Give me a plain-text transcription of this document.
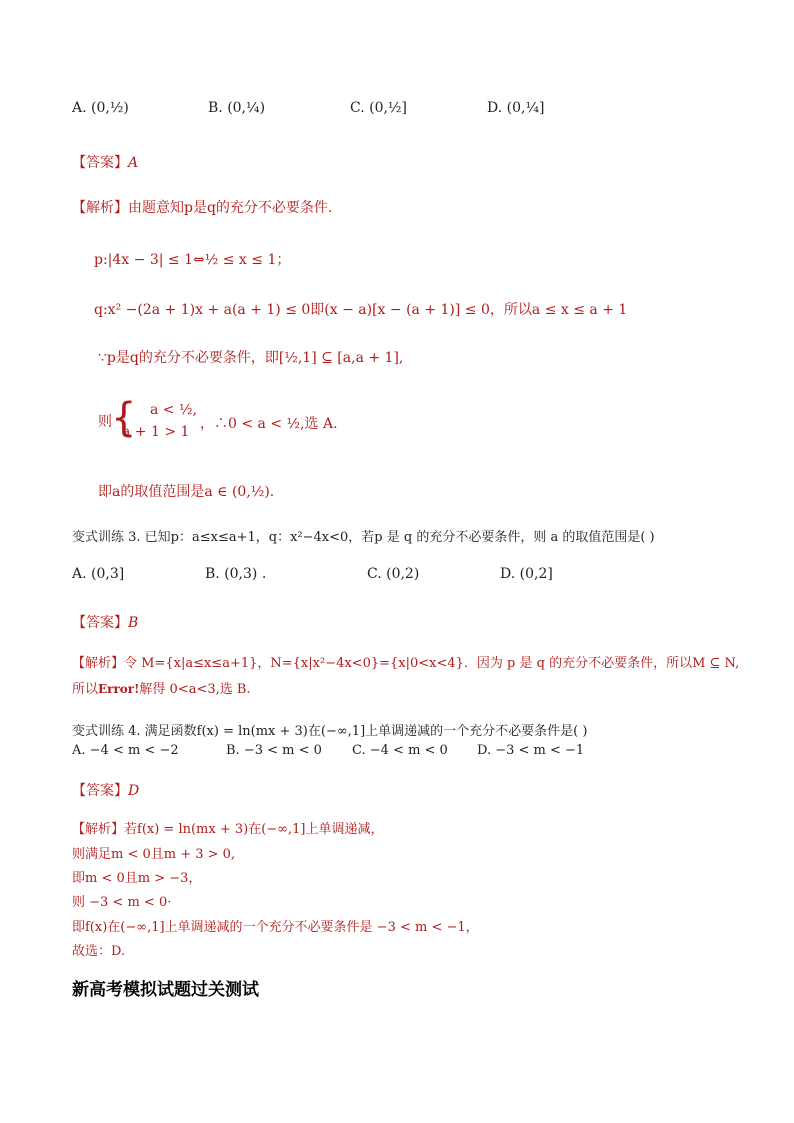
A. (0,½)	B. (0,¼)	C. (0,½]	D. (0,¼]
【答案】A
【解析】由题意知p是q的充分不必要条件.
p:|4x − 3| ≤ 1⇔½ ≤ x ≤ 1；
q:x² −(2a + 1)x + a(a + 1) ≤ 0即(x − a)[x − (a + 1)] ≤ 0，所以a ≤ x ≤ a + 1
∵p是q的充分不必要条件，即[½,1] ⊆ [a,a + 1],
则 { a < ½,
a + 1 > 1 ，∴0 < a < ½,选 A.
即a的取值范围是a ∈ (0,½).
变式训练 3. 已知p：a≤x≤a+1，q：x²−4x<0，若p 是 q 的充分不必要条件，则 a 的取值范围是( )
A. (0,3]	B. (0,3) .	C. (0,2)	D. (0,2]
【答案】B
【解析】令 M={x|a≤x≤a+1}，N={x|x²−4x<0}={x|0<x<4}．因为 p 是 q 的充分不必要条件，所以M ⊆ N,
所以Error!解得 0<a<3,选 B.
变式训练 4. 满足函数f(x) = ln(mx + 3)在(−∞,1]上单调递减的一个充分不必要条件是( )
A. −4 < m < −2	B. −3 < m < 0 C. −4 < m < 0 D. −3 < m < −1
【答案】D
【解析】若f(x) = ln(mx + 3)在(−∞,1]上单调递减，
则满足m < 0且m + 3 > 0,
即m < 0且m > −3，
则 −3 < m < 0·
即f(x)在(−∞,1]上单调递减的一个充分不必要条件是 −3 < m < −1，
故选：D.
新高考模拟试题过关测试
